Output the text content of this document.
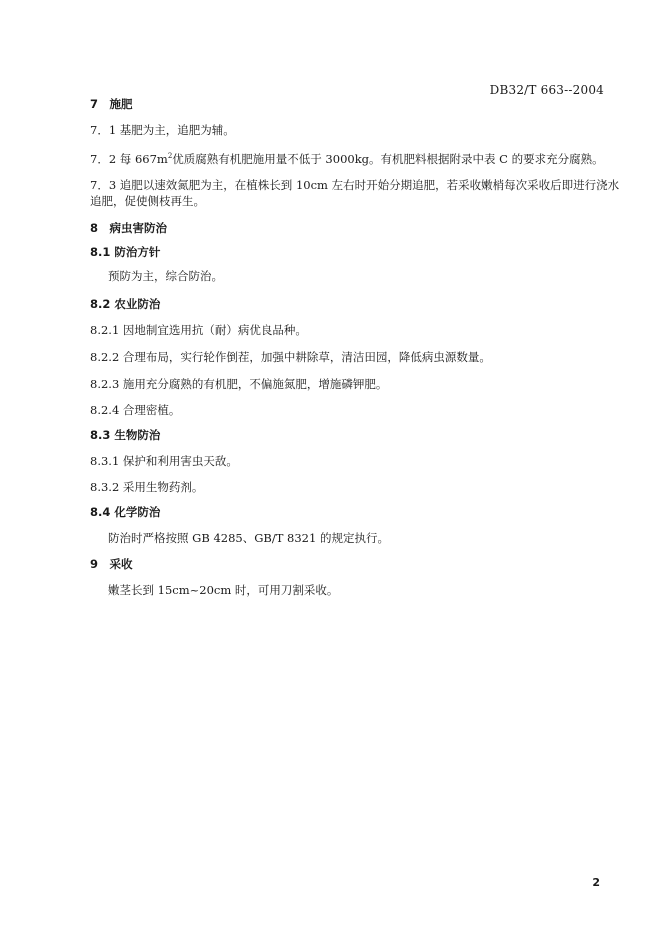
DB32/T 663--2004
7　施肥
7．1 基肥为主，追肥为辅。
7．2 每 $667m^2$优质腐熟有机肥施用量不低于 3000kg。有机肥料根据附录中表 C 的要求充分腐熟。
7．3 追肥以速效氮肥为主，在植株长到 10cm 左右时开始分期追肥，若采收嫩梢每次采收后即进行浇水
追肥，促使侧枝再生。
8　病虫害防治
8.1 防治方针
预防为主，综合防治。
8.2 农业防治
8.2.1 因地制宜选用抗（耐）病优良品种。
8.2.2 合理布局，实行轮作倒茬，加强中耕除草，清洁田园，降低病虫源数量。
8.2.3 施用充分腐熟的有机肥，不偏施氮肥，增施磷钾肥。
8.2.4 合理密植。
8.3 生物防治
8.3.1 保护和利用害虫天敌。
8.3.2 采用生物药剂。
8.4 化学防治
防治时严格按照 GB 4285、GB/T 8321 的规定执行。
9　采收
嫩茎长到 15cm~20cm 时，可用刀割采收。
2
